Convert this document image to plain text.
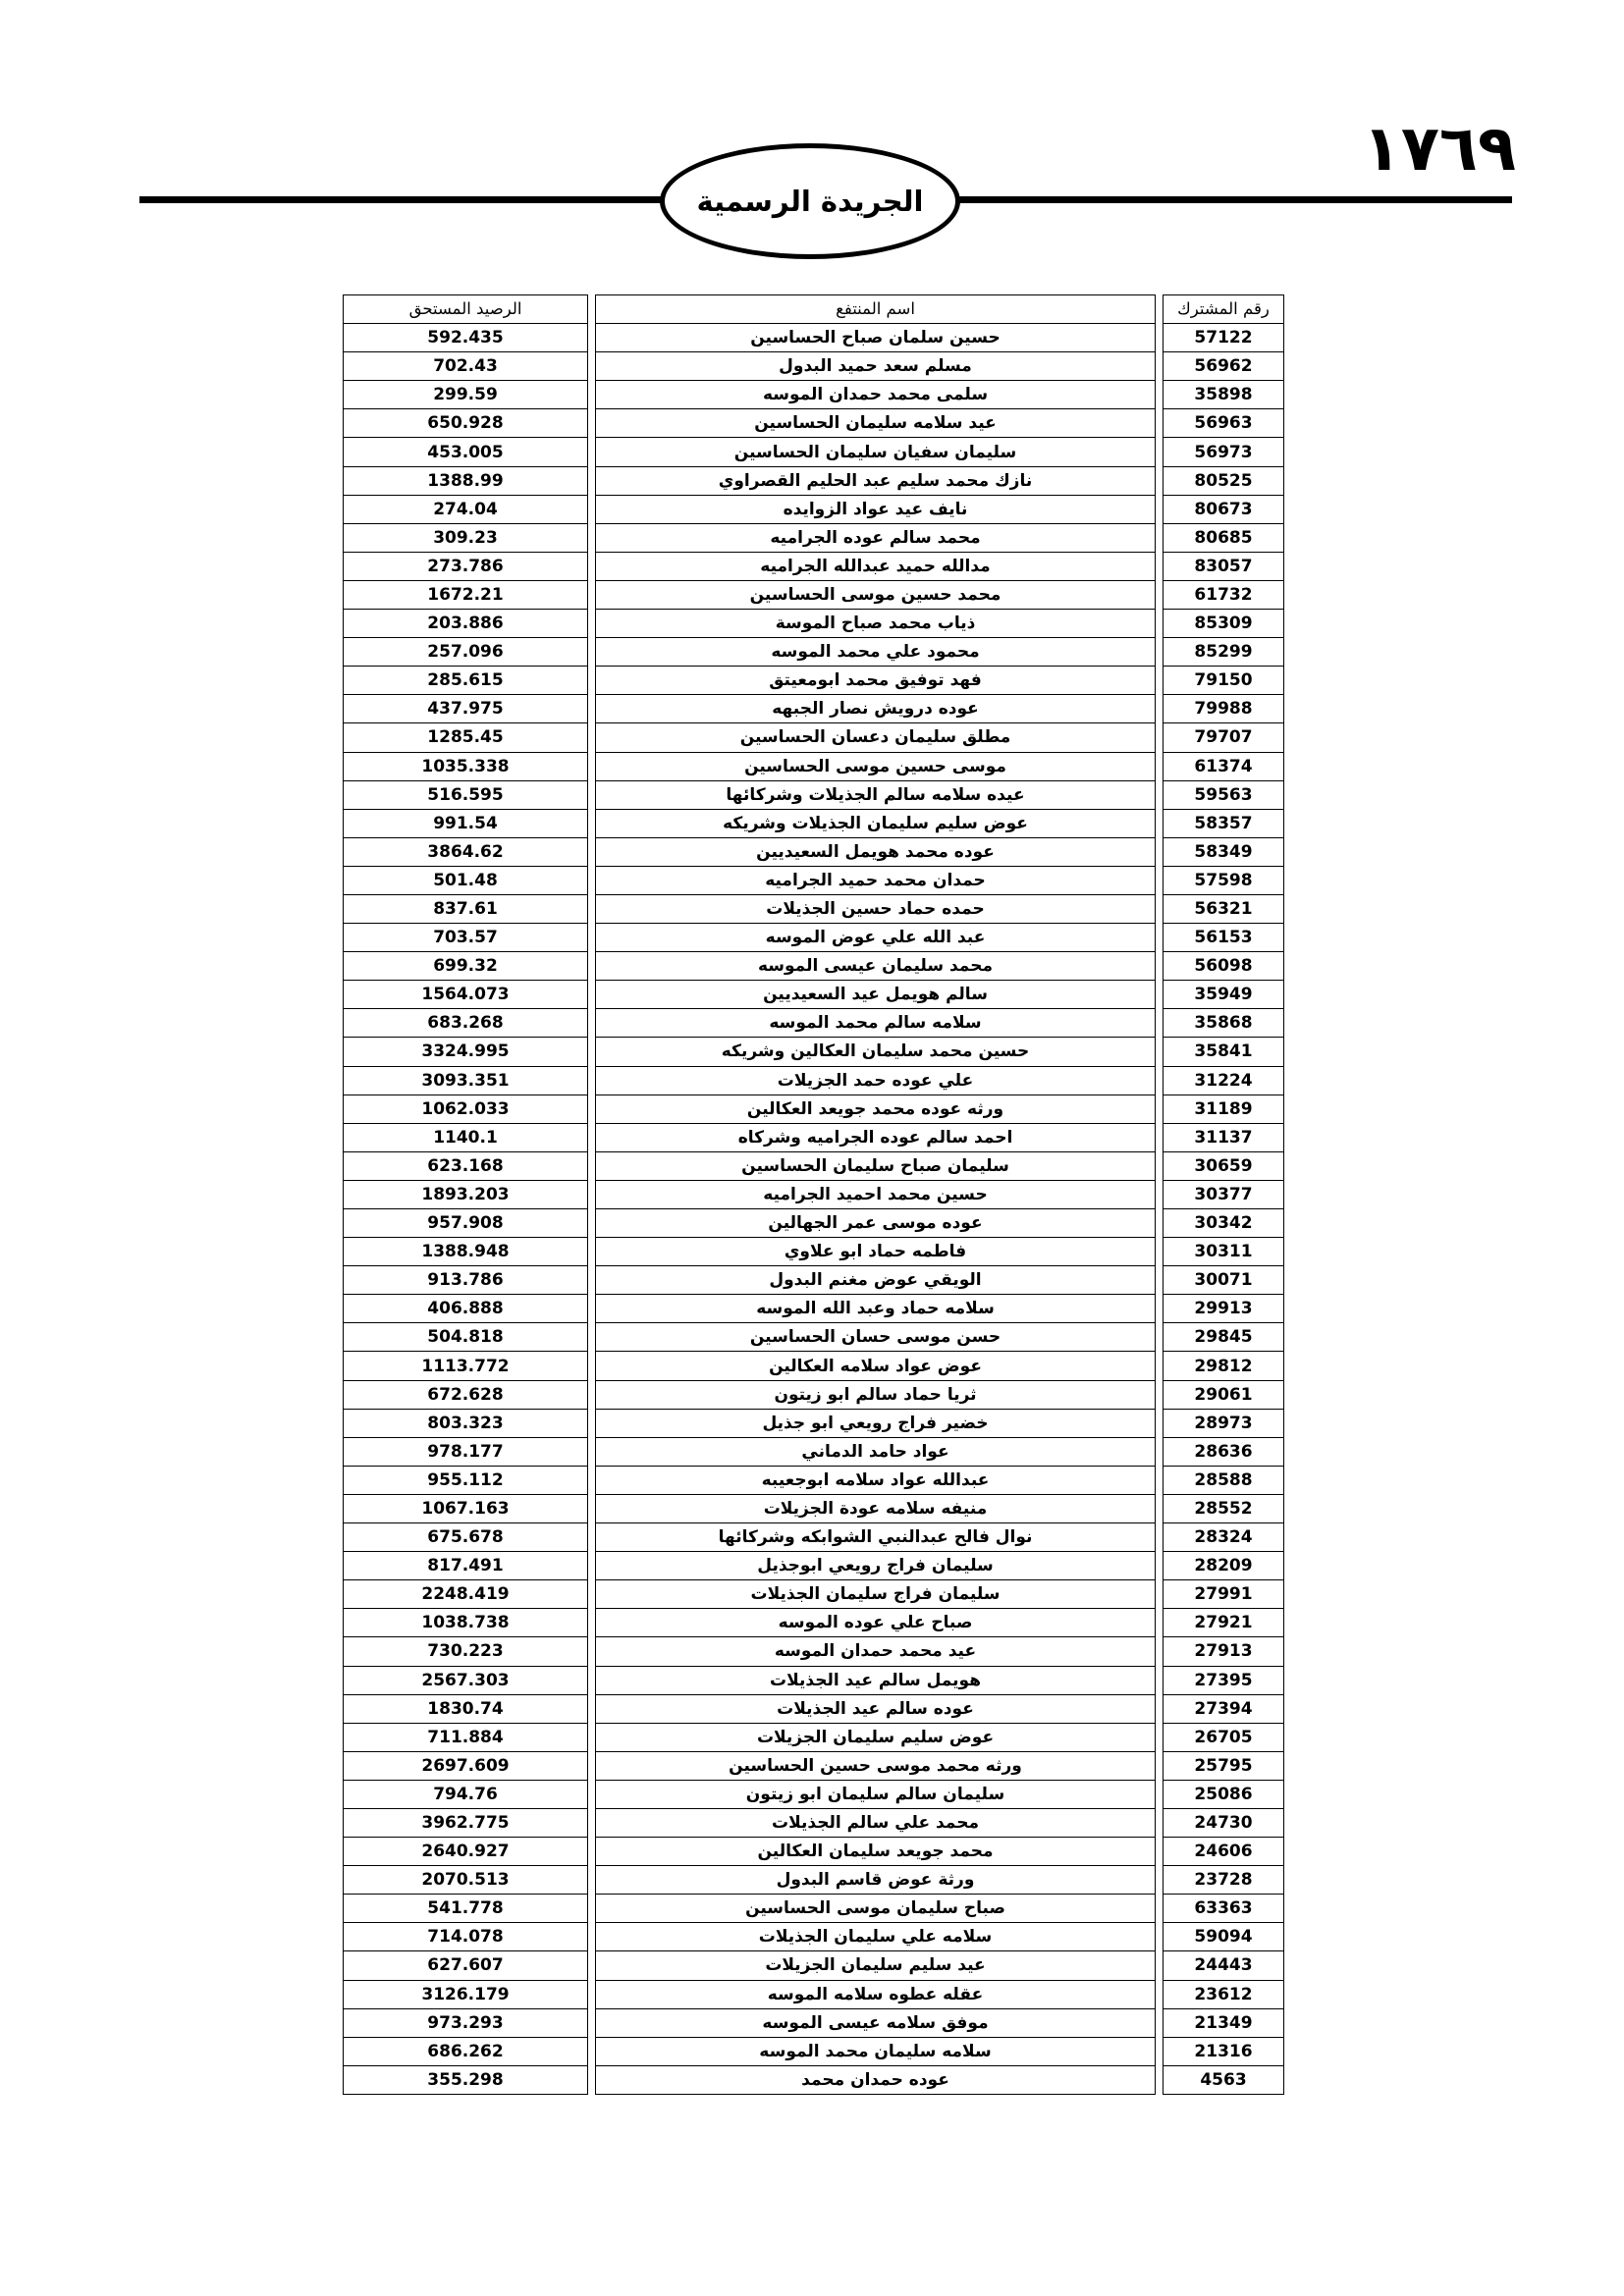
١٧٦٩
الجريدة الرسمية
رقم المشترك		اسم المنتفع		الرصيد المستحق
57122		حسين سلمان صباح الحساسين		592.435
56962		مسلم سعد حميد البدول		702.43
35898		سلمى محمد حمدان الموسه		299.59
56963		عيد سلامه سليمان الحساسين		650.928
56973		سليمان سفيان سليمان الحساسين		453.005
80525		نازك محمد سليم عبد الحليم القصراوي		1388.99
80673		نايف عيد عواد الزوايده		274.04
80685		محمد سالم عوده الجراميه		309.23
83057		مدالله حميد عبدالله الجراميه		273.786
61732		محمد حسين موسى الحساسين		1672.21
85309		ذياب محمد صباح الموسة		203.886
85299		محمود علي محمد الموسه		257.096
79150		فهد توفيق محمد ابومعيتق		285.615
79988		عوده درويش نصار الجبهه		437.975
79707		مطلق سليمان دعسان الحساسين		1285.45
61374		موسى حسين موسى الحساسين		1035.338
59563		عيده سلامه سالم الجذيلات وشركائها		516.595
58357		عوض سليم سليمان الجذيلات وشريكه		991.54
58349		عوده محمد هويمل السعيديين		3864.62
57598		حمدان محمد حميد الجراميه		501.48
56321		حمده حماد حسين الجذيلات		837.61
56153		عبد الله علي عوض الموسه		703.57
56098		محمد سليمان عيسى الموسه		699.32
35949		سالم هويمل عيد السعيديين		1564.073
35868		سلامه سالم محمد الموسه		683.268
35841		حسين محمد سليمان العكالين وشريكه		3324.995
31224		علي عوده حمد الجزيلات		3093.351
31189		ورثه عوده محمد جويعد العكالين		1062.033
31137		احمد سالم عوده الجراميه وشركاه		1140.1
30659		سليمان صباح سليمان الحساسين		623.168
30377		حسين محمد احميد الجراميه		1893.203
30342		عوده موسى عمر الجهالين		957.908
30311		فاطمه حماد ابو علاوي		1388.948
30071		الويقي عوض مغنم البدول		913.786
29913		سلامه حماد وعبد الله الموسه		406.888
29845		حسن موسى حسان الحساسين		504.818
29812		عوض عواد سلامه العكالين		1113.772
29061		ثريا حماد سالم ابو زيتون		672.628
28973		خضير فراج رويعي ابو جذيل		803.323
28636		عواد حامد الدماني		978.177
28588		عبدالله عواد سلامه ابوجعيبه		955.112
28552		منيفه سلامه عودة الجزيلات		1067.163
28324		نوال فالح عبدالنبي الشوابكه وشركائها		675.678
28209		سليمان فراج رويعي ابوجذيل		817.491
27991		سليمان فراج سليمان الجذيلات		2248.419
27921		صباح علي عوده الموسه		1038.738
27913		عيد محمد حمدان الموسه		730.223
27395		هويمل سالم عيد الجذيلات		2567.303
27394		عوده سالم عيد الجذيلات		1830.74
26705		عوض سليم سليمان الجزيلات		711.884
25795		ورثه محمد موسى حسين الحساسين		2697.609
25086		سليمان سالم سليمان ابو زيتون		794.76
24730		محمد علي سالم الجذيلات		3962.775
24606		محمد جويعد سليمان العكالين		2640.927
23728		ورثة عوض قاسم البدول		2070.513
63363		صباح سليمان موسى الحساسين		541.778
59094		سلامه علي سليمان الجذيلات		714.078
24443		عيد سليم سليمان الجزيلات		627.607
23612		عقله عطوه سلامه الموسه		3126.179
21349		موفق سلامه عيسى الموسه		973.293
21316		سلامه سليمان محمد الموسه		686.262
4563		عوده حمدان محمد		355.298
